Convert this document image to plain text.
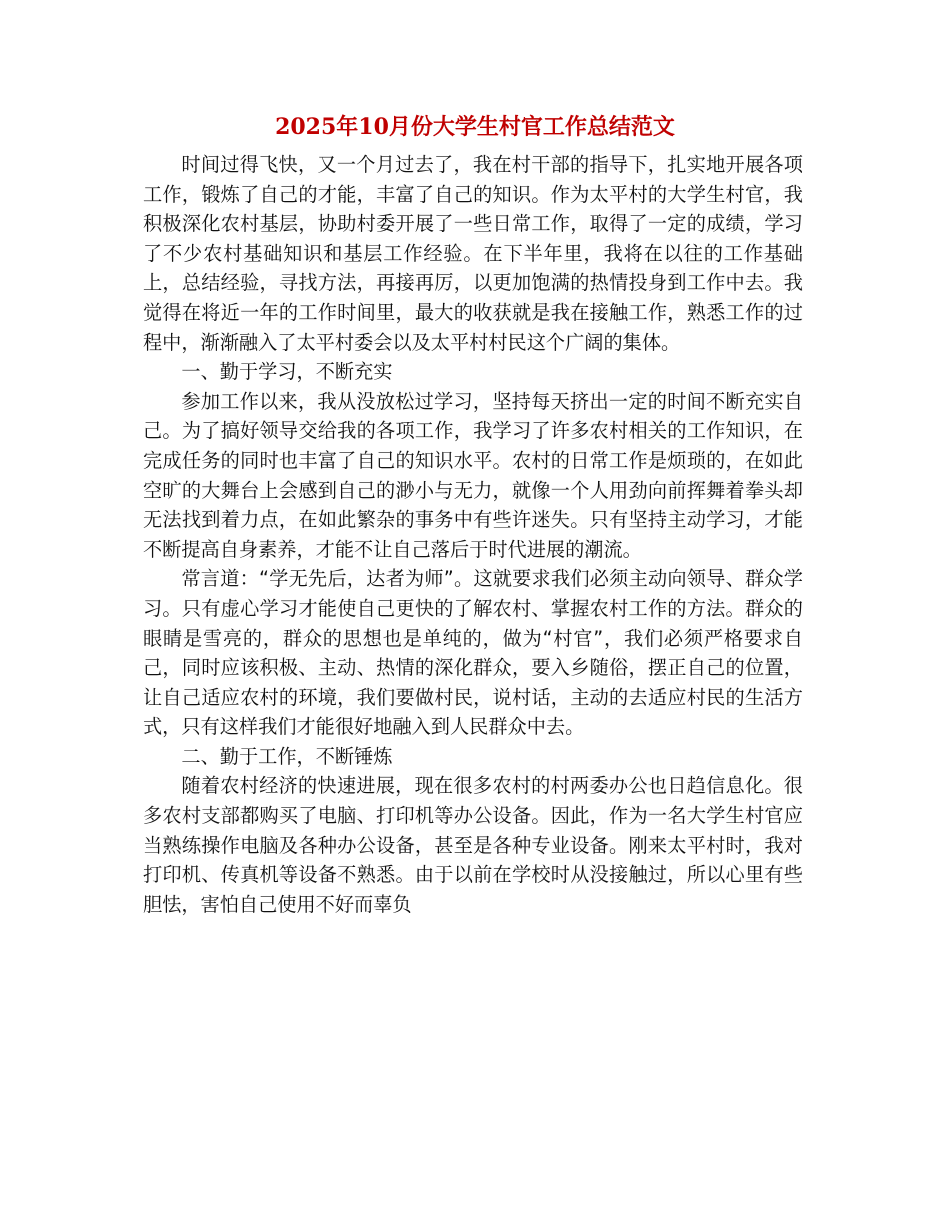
2025年10月份大学生村官工作总结范文

时间过得飞快，又一个月过去了，我在村干部的指导下，扎实地开展各项工作，锻炼了自己的才能，丰富了自己的知识。作为太平村的大学生村官，我积极深化农村基层，协助村委开展了一些日常工作，取得了一定的成绩，学习了不少农村基础知识和基层工作经验。在下半年里，我将在以往的工作基础上，总结经验，寻找方法，再接再厉，以更加饱满的热情投身到工作中去。我觉得在将近一年的工作时间里，最大的收获就是我在接触工作，熟悉工作的过程中，渐渐融入了太平村委会以及太平村村民这个广阔的集体。

一、勤于学习，不断充实

参加工作以来，我从没放松过学习，坚持每天挤出一定的时间不断充实自己。为了搞好领导交给我的各项工作，我学习了许多农村相关的工作知识，在完成任务的同时也丰富了自己的知识水平。农村的日常工作是烦琐的，在如此空旷的大舞台上会感到自己的渺小与无力，就像一个人用劲向前挥舞着拳头却无法找到着力点，在如此繁杂的事务中有些许迷失。只有坚持主动学习，才能不断提高自身素养，才能不让自己落后于时代进展的潮流。

常言道：“学无先后，达者为师”。这就要求我们必须主动向领导、群众学习。只有虚心学习才能使自己更快的了解农村、掌握农村工作的方法。群众的眼睛是雪亮的，群众的思想也是单纯的，做为“村官”，我们必须严格要求自己，同时应该积极、主动、热情的深化群众，要入乡随俗，摆正自己的位置，让自己适应农村的环境，我们要做村民，说村话，主动的去适应村民的生活方式，只有这样我们才能很好地融入到人民群众中去。

二、勤于工作，不断锤炼

随着农村经济的快速进展，现在很多农村的村两委办公也日趋信息化。很多农村支部都购买了电脑、打印机等办公设备。因此，作为一名大学生村官应当熟练操作电脑及各种办公设备，甚至是各种专业设备。刚来太平村时，我对打印机、传真机等设备不熟悉。由于以前在学校时从没接触过，所以心里有些胆怯，害怕自己使用不好而辜负
